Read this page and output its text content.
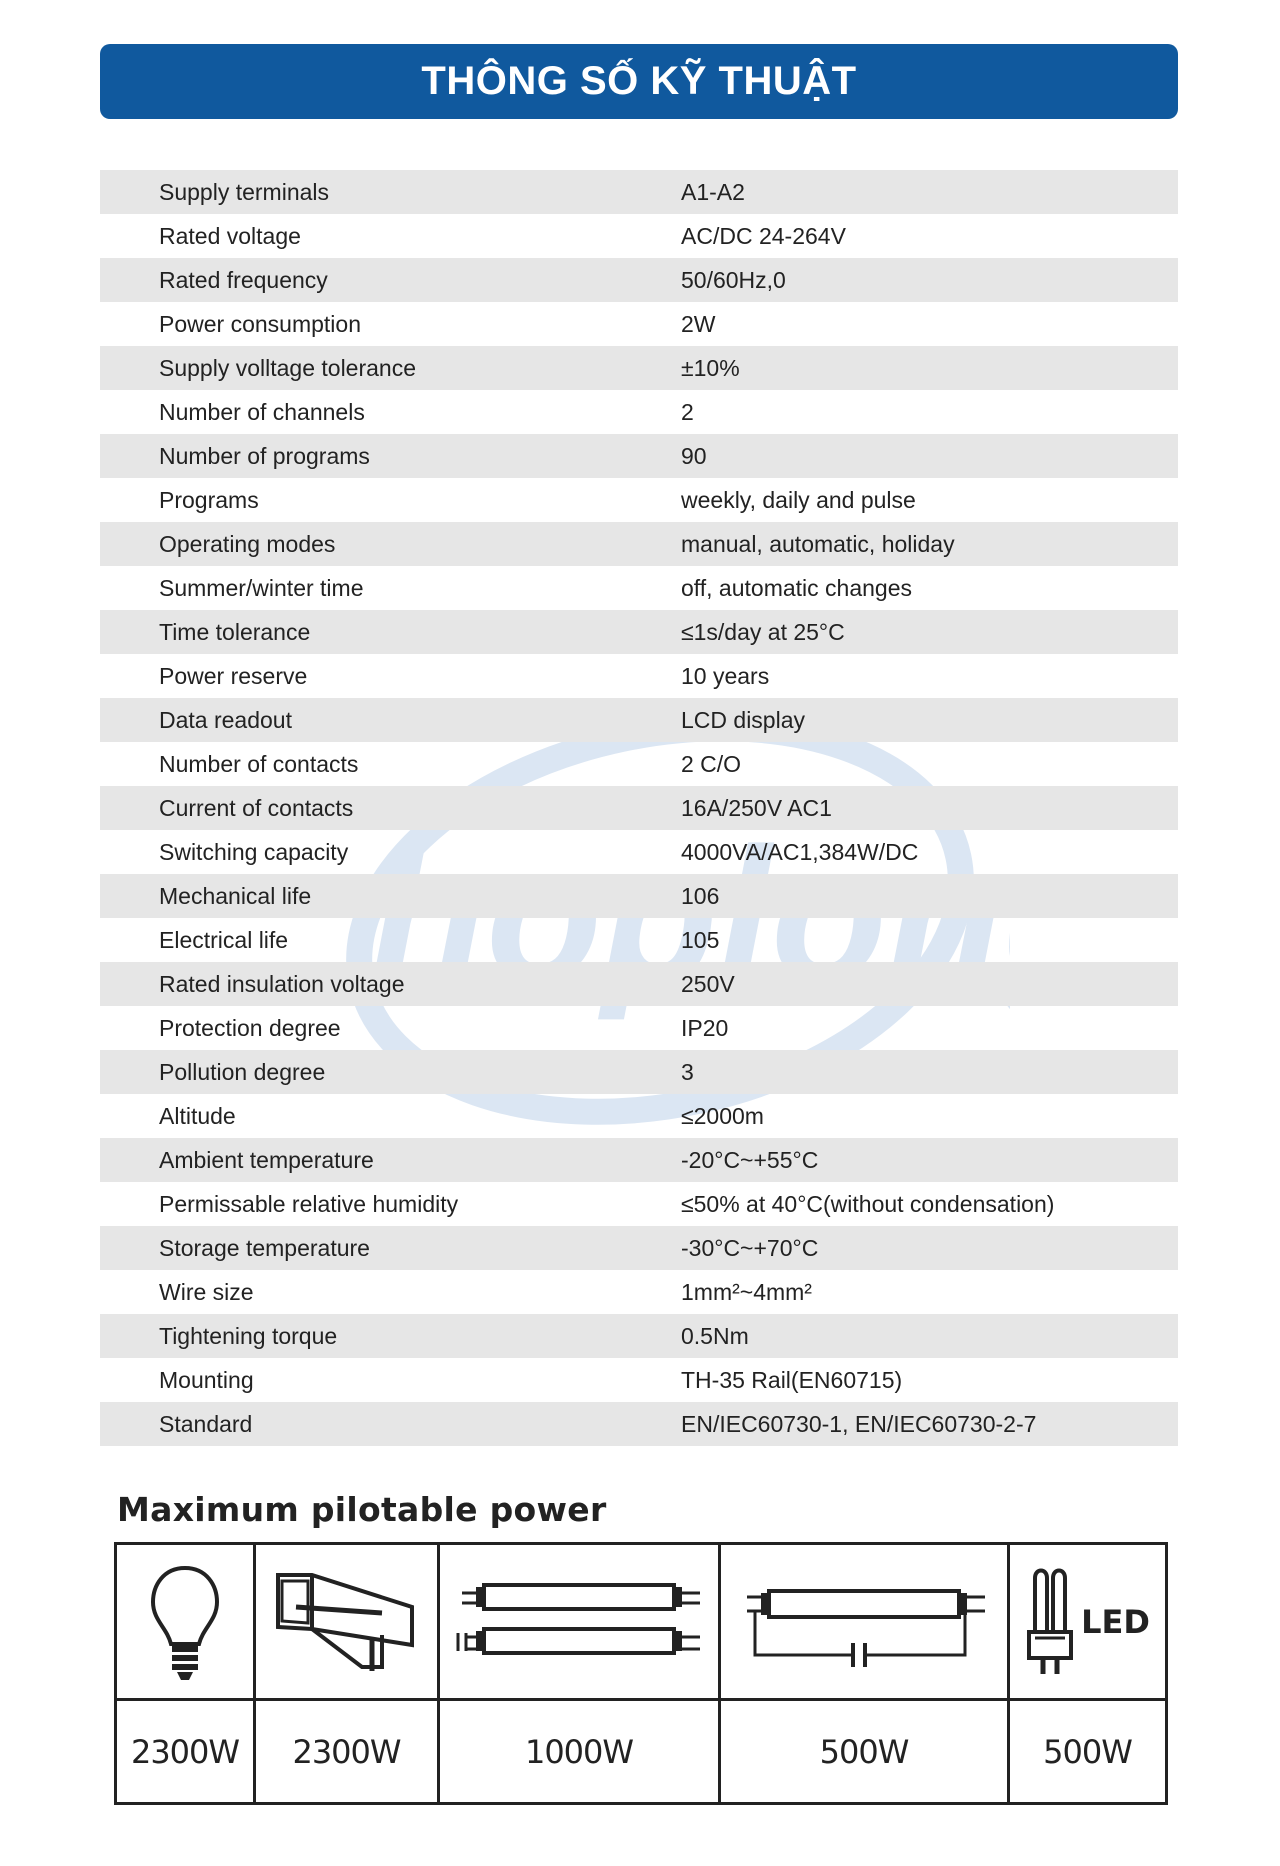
THÔNG SỐ KỸ THUẬT
Supply terminals	A1-A2
Rated voltage	AC/DC 24-264V
Rated frequency	50/60Hz,0
Power consumption	2W
Supply volltage tolerance	±10%
Number of channels	2
Number of programs	90
Programs	weekly, daily and pulse
Operating modes	manual, automatic, holiday
Summer/winter time	off, automatic changes
Time tolerance	≤1s/day at 25°C
Power reserve	10 years
Data readout	LCD display
Number of contacts	2 C/O
Current of contacts	16A/250V AC1
Switching capacity	4000VA/AC1,384W/DC
Mechanical life	106
Electrical life	105
Rated insulation voltage	250V
Protection degree	IP20
Pollution degree	3
Altitude	≤2000m
Ambient temperature	-20°C~+55°C
Permissable relative humidity	≤50% at 40°C(without condensation)
Storage temperature	-30°C~+70°C
Wire size	1mm²~4mm²
Tightening torque	0.5Nm
Mounting	TH-35 Rail(EN60715)
Standard	EN/IEC60730-1, EN/IEC60730-2-7
Maximum pilotable power
LED
2300W 2300W	1000W	500W	500W
